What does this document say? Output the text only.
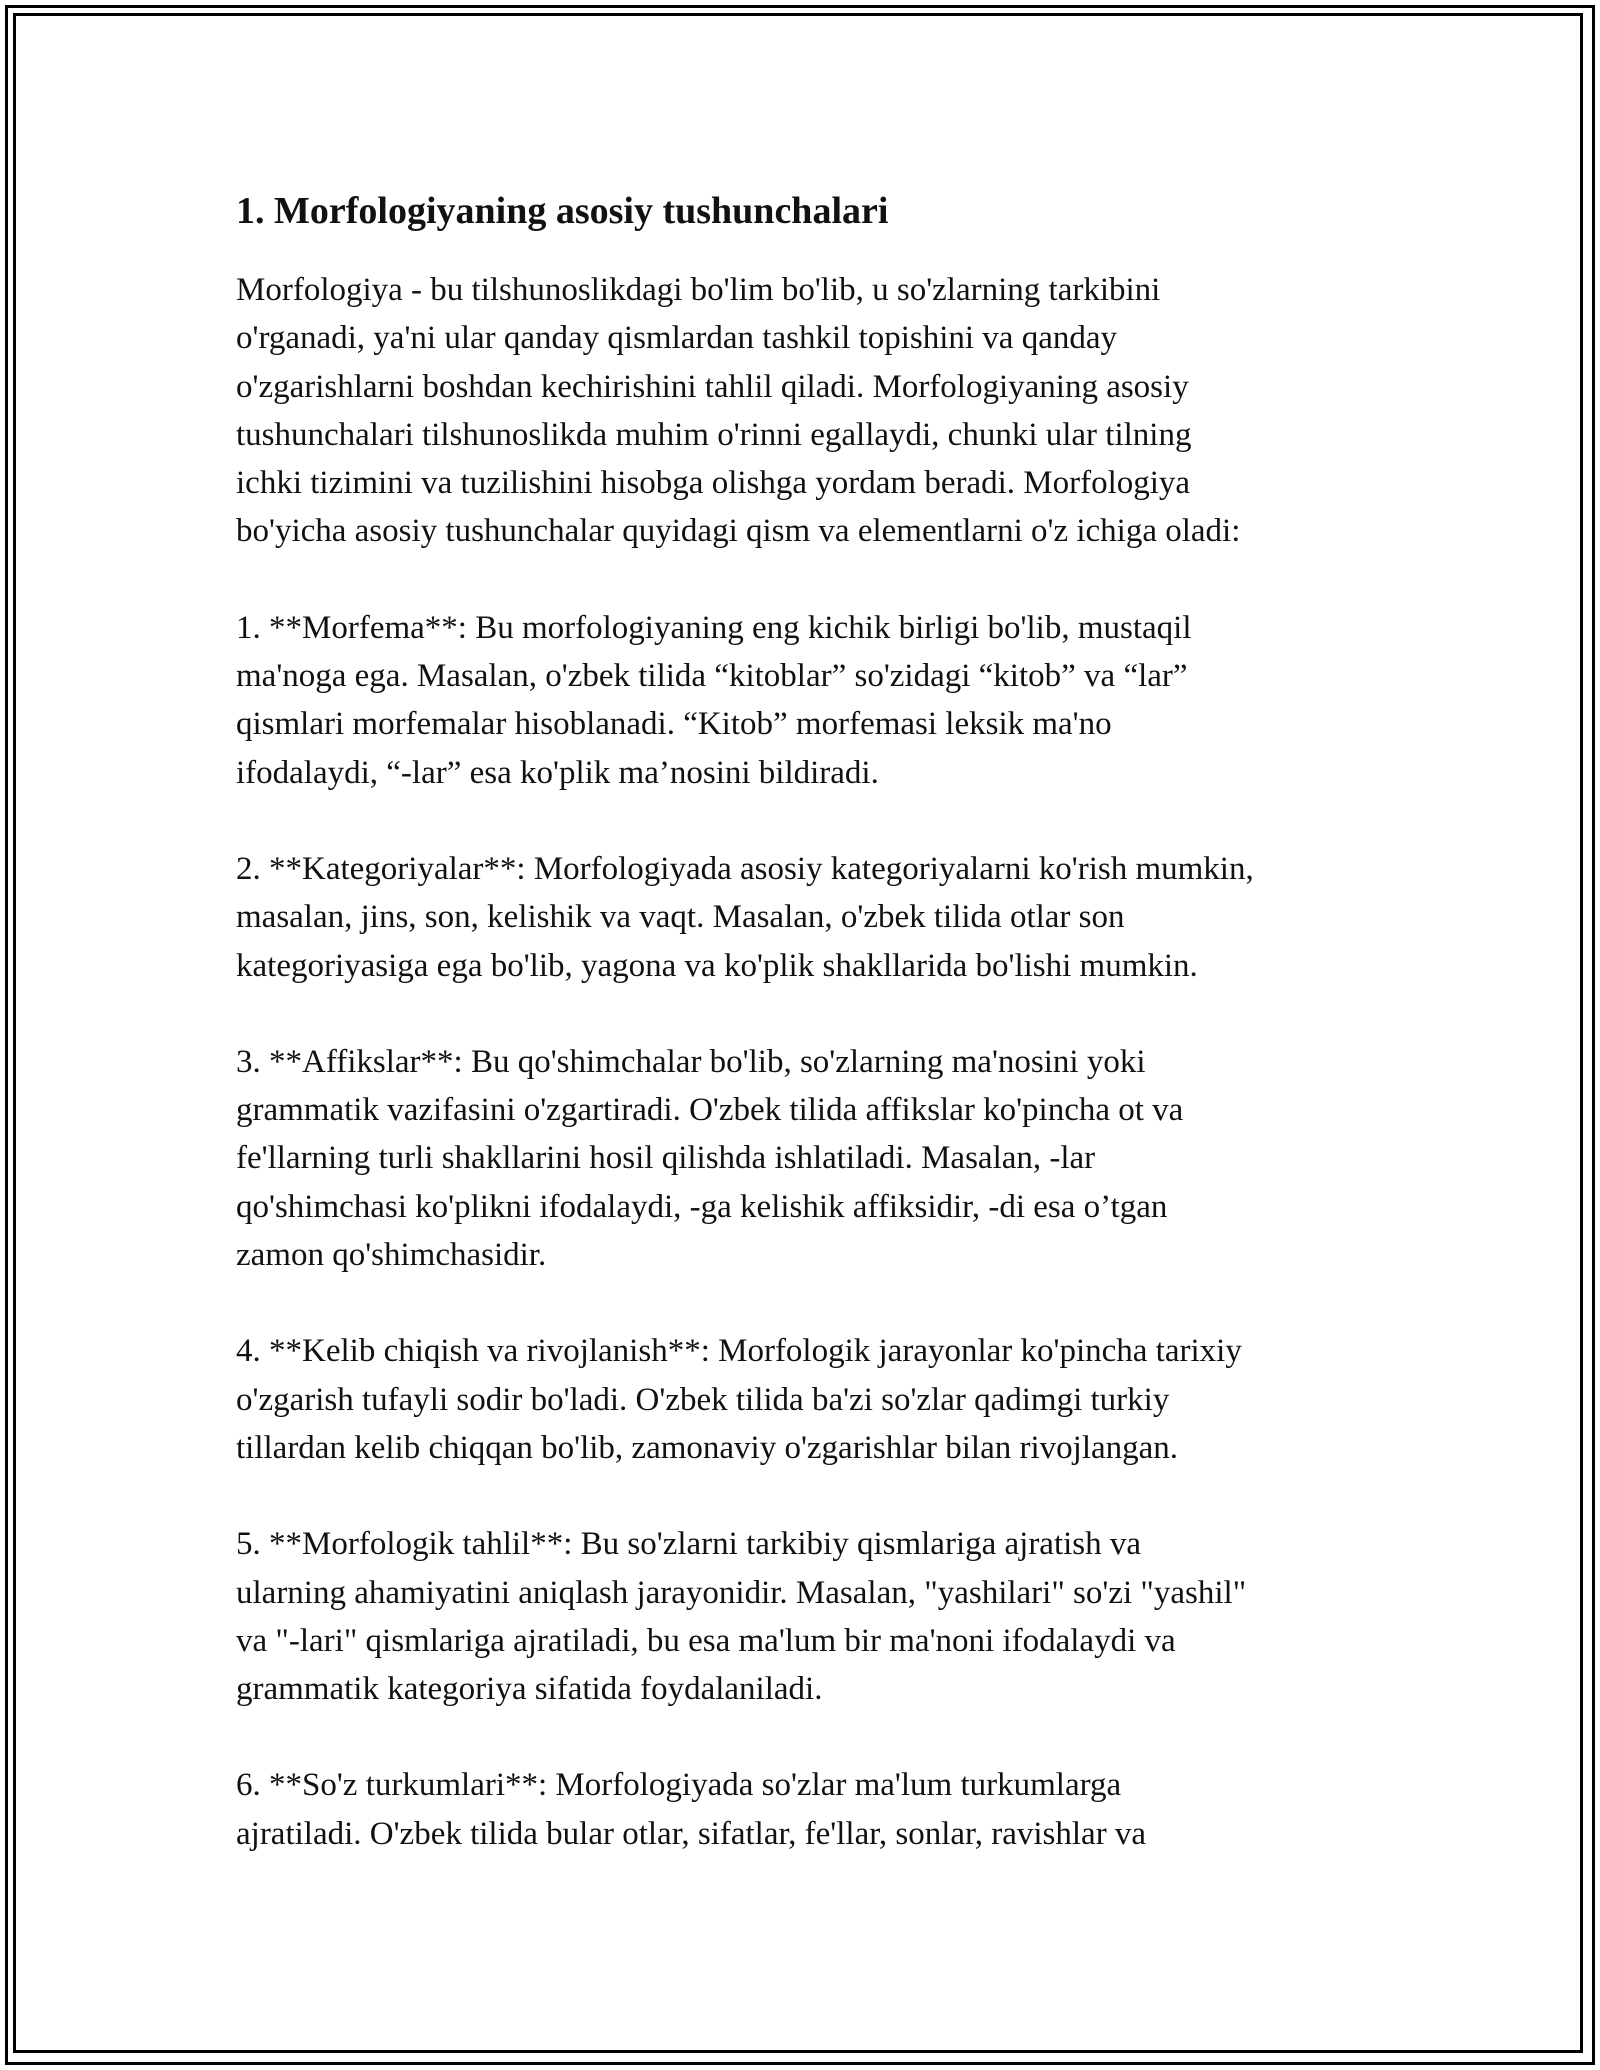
1. Morfologiyaning asosiy tushunchalari

Morfologiya - bu tilshunoslikdagi bo'lim bo'lib, u so'zlarning tarkibini
o'rganadi, ya'ni ular qanday qismlardan tashkil topishini va qanday
o'zgarishlarni boshdan kechirishini tahlil qiladi. Morfologiyaning asosiy
tushunchalari tilshunoslikda muhim o'rinni egallaydi, chunki ular tilning
ichki tizimini va tuzilishini hisobga olishga yordam beradi. Morfologiya
bo'yicha asosiy tushunchalar quyidagi qism va elementlarni o'z ichiga oladi:

1. **Morfema**: Bu morfologiyaning eng kichik birligi bo'lib, mustaqil
ma'noga ega. Masalan, o'zbek tilida “kitoblar” so'zidagi “kitob” va “lar”
qismlari morfemalar hisoblanadi. “Kitob” morfemasi leksik ma'no
ifodalaydi, “-lar” esa ko'plik ma’nosini bildiradi.

2. **Kategoriyalar**: Morfologiyada asosiy kategoriyalarni ko'rish mumkin,
masalan, jins, son, kelishik va vaqt. Masalan, o'zbek tilida otlar son
kategoriyasiga ega bo'lib, yagona va ko'plik shakllarida bo'lishi mumkin.

3. **Affikslar**: Bu qo'shimchalar bo'lib, so'zlarning ma'nosini yoki
grammatik vazifasini o'zgartiradi. O'zbek tilida affikslar ko'pincha ot va
fe'llarning turli shakllarini hosil qilishda ishlatiladi. Masalan, -lar
qo'shimchasi ko'plikni ifodalaydi, -ga kelishik affiksidir, -di esa o’tgan
zamon qo'shimchasidir.

4. **Kelib chiqish va rivojlanish**: Morfologik jarayonlar ko'pincha tarixiy
o'zgarish tufayli sodir bo'ladi. O'zbek tilida ba'zi so'zlar qadimgi turkiy
tillardan kelib chiqqan bo'lib, zamonaviy o'zgarishlar bilan rivojlangan.

5. **Morfologik tahlil**: Bu so'zlarni tarkibiy qismlariga ajratish va
ularning ahamiyatini aniqlash jarayonidir. Masalan, "yashilari" so'zi "yashil"
va "-lari" qismlariga ajratiladi, bu esa ma'lum bir ma'noni ifodalaydi va
grammatik kategoriya sifatida foydalaniladi.

6. **So'z turkumlari**: Morfologiyada so'zlar ma'lum turkumlarga
ajratiladi. O'zbek tilida bular otlar, sifatlar, fe'llar, sonlar, ravishlar va
